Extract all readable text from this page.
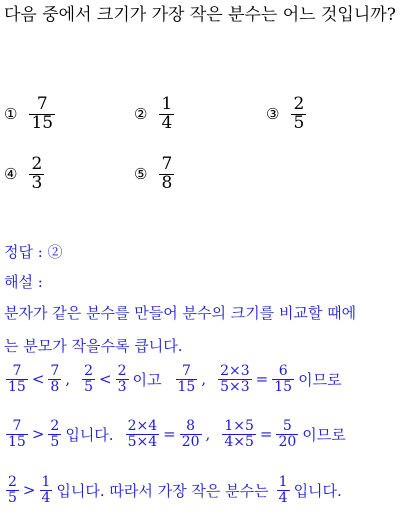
다음 중에서 크기가 가장 작은 분수는 어느 것입니까?
① $\frac{7}{15}$	② $\frac{1}{4}$	③ $\frac{2}{5}$
④ $\frac{2}{3}$	⑤ $\frac{7}{8}$
정답 : ②
해설 :
분자가 같은 분수를 만들어 분수의 크기를 비교할 때에
는 분모가 작을수록 큽니다.
$\frac{7}{15} < \frac{7}{8}$ , $\frac{2}{5} < \frac{2}{3}$ 이고 $\frac{7}{15}$ , $\frac{2\times 3}{5\times 3} = \frac{6}{15}$ 이므로
$\frac{7}{15} > \frac{2}{5}$ 입니다. $\frac{2\times 4}{5\times 4} = \frac{8}{20}$ , $\frac{1\times 5}{4\times 5} = \frac{5}{20}$ 이므로
$\frac{2}{5} > \frac{1}{4}$ 입니다. 따라서 가장 작은 분수는 $\frac{1}{4}$ 입니다.
